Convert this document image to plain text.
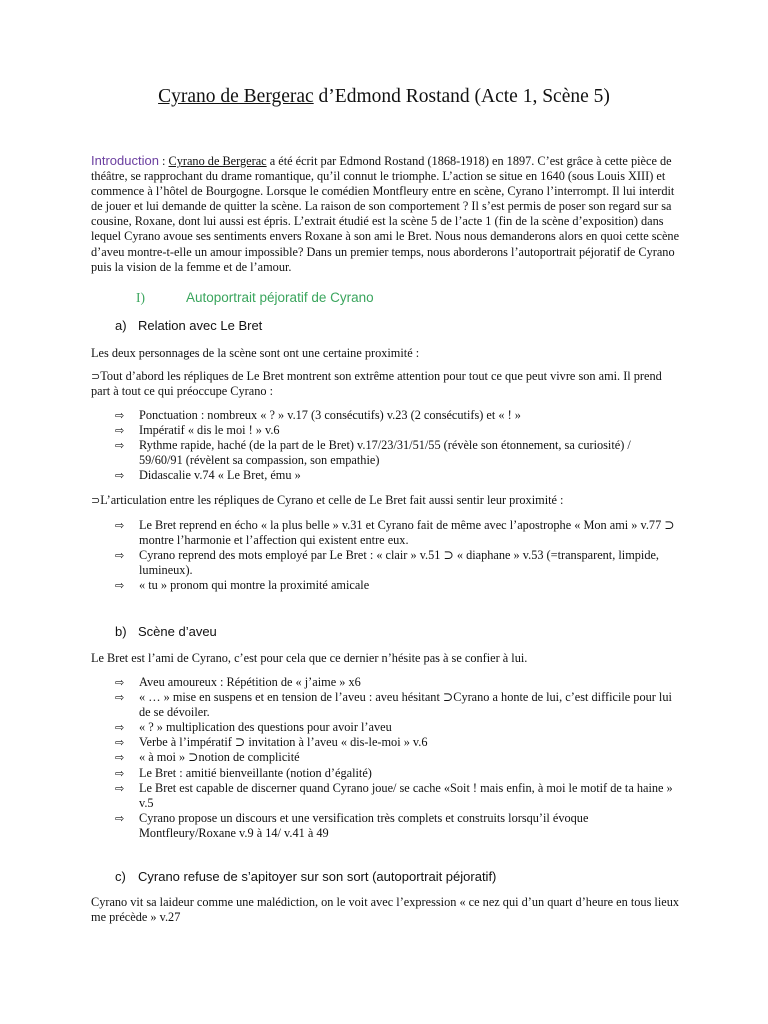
Cyrano de Bergerac d’Edmond Rostand (Acte 1, Scène 5)

Introduction : Cyrano de Bergerac a été écrit par Edmond Rostand (1868-1918) en 1897. C’est grâce à cette pièce de théâtre, se rapprochant du drame romantique, qu’il connut le triomphe. L’action se situe en 1640 (sous Louis XIII) et commence à l’hôtel de Bourgogne. Lorsque le comédien Montfleury entre en scène, Cyrano l’interrompt. Il lui interdit de jouer et lui demande de quitter la scène. La raison de son comportement ? Il s’est permis de poser son regard sur sa cousine, Roxane, dont lui aussi est épris. L’extrait étudié est la scène 5 de l’acte 1 (fin de la scène d’exposition) dans lequel Cyrano avoue ses sentiments envers Roxane à son ami le Bret. Nous nous demanderons alors en quoi cette scène d’aveu montre-t-elle un amour impossible? Dans un premier temps, nous aborderons l’autoportrait péjoratif de Cyrano puis la vision de la femme et de l’amour.

I)	Autoportrait péjoratif de Cyrano
a) Relation avec Le Bret

Les deux personnages de la scène sont ont une certaine proximité :

⊃Tout d’abord les répliques de Le Bret montrent son extrême attention pour tout ce que peut vivre son ami. Il prend part à tout ce qui préoccupe Cyrano :

⇨ Ponctuation : nombreux « ? » v.17 (3 consécutifs) v.23 (2 consécutifs) et « ! »
⇨ Impératif « dis le moi ! » v.6
⇨ Rythme rapide, haché (de la part de le Bret) v.17/23/31/51/55 (révèle son étonnement, sa curiosité) / 59/60/91 (révèlent sa compassion, son empathie)
⇨ Didascalie v.74 « Le Bret, ému »

⊃L’articulation entre les répliques de Cyrano et celle de Le Bret fait aussi sentir leur proximité :

⇨ Le Bret reprend en écho « la plus belle » v.31 et Cyrano fait de même avec l’apostrophe « Mon ami » v.77 ⊃ montre l’harmonie et l’affection qui existent entre eux.
⇨ Cyrano reprend des mots employé par Le Bret : « clair » v.51 ⊃ « diaphane » v.53 (=transparent, limpide, lumineux).
⇨ « tu » pronom qui montre la proximité amicale
b) Scène d’aveu

Le Bret est l’ami de Cyrano, c’est pour cela que ce dernier n’hésite pas à se confier à lui.

⇨ Aveu amoureux : Répétition de « j’aime » x6
⇨ « … » mise en suspens et en tension de l’aveu : aveu hésitant ⊃Cyrano a honte de lui, c’est difficile pour lui de se dévoiler.
⇨ « ? » multiplication des questions pour avoir l’aveu
⇨ Verbe à l’impératif ⊃ invitation à l’aveu « dis-le-moi » v.6
⇨ « à moi » ⊃notion de complicité
⇨ Le Bret : amitié bienveillante (notion d’égalité)
⇨ Le Bret est capable de discerner quand Cyrano joue/ se cache «Soit ! mais enfin, à moi le motif de ta haine » v.5
⇨ Cyrano propose un discours et une versification très complets et construits lorsqu’il évoque Montfleury/Roxane v.9 à 14/ v.41 à 49
c) Cyrano refuse de s’apitoyer sur son sort (autoportrait péjoratif)

Cyrano vit sa laideur comme une malédiction, on le voit avec l’expression « ce nez qui d’un quart d’heure en tous lieux me précède » v.27
